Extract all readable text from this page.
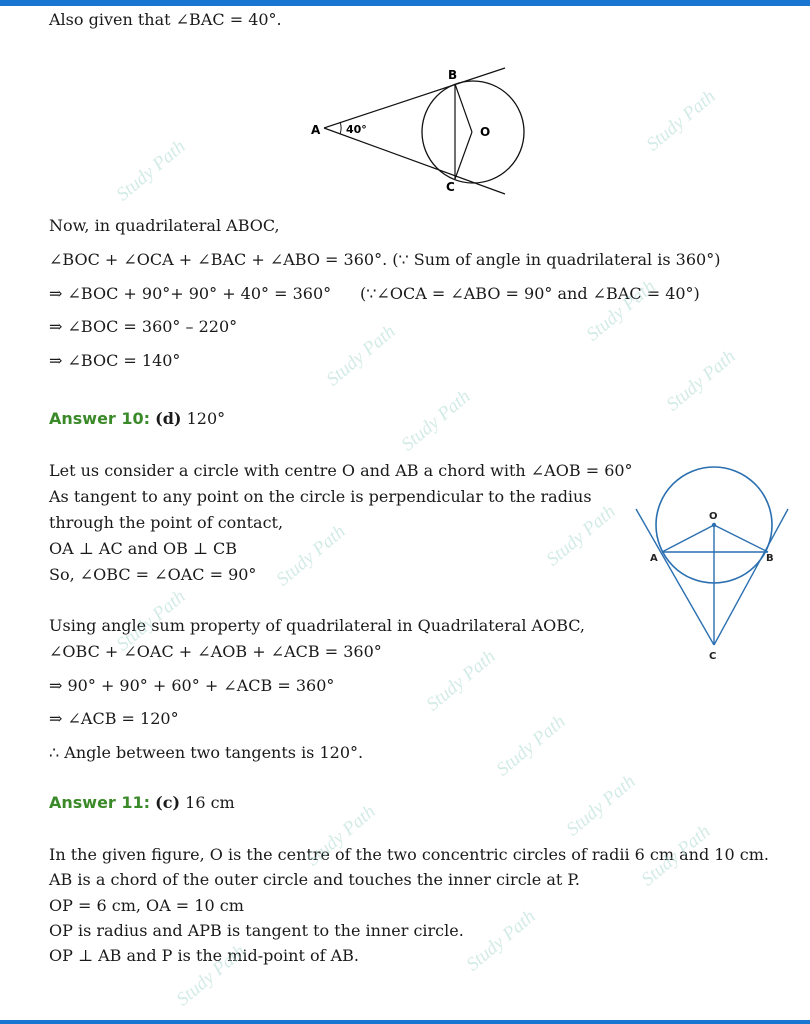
Also given that ∠BAC = 40°.
A 40°
B
C
O
Now, in quadrilateral ABOC,
∠BOC + ∠OCA + ∠BAC + ∠ABO = 360°. (∵ Sum of angle in quadrilateral is 360°)
⇒ ∠BOC + 90°+ 90° + 40° = 360° (∵∠OCA = ∠ABO = 90° and ∠BAC = 40°)
⇒ ∠BOC = 360° – 220°
⇒ ∠BOC = 140°
Answer 10: (d) 120°
Let us consider a circle with centre O and AB a chord with ∠AOB = 60°
As tangent to any point on the circle is perpendicular to the radius
through the point of contact,
OA ⊥ AC and OB ⊥ CB
So, ∠OBC = ∠OAC = 90°
O
A	B
C
Using angle sum property of quadrilateral in Quadrilateral AOBC,
∠OBC + ∠OAC + ∠AOB + ∠ACB = 360°
⇒ 90° + 90° + 60° + ∠ACB = 360°
⇒ ∠ACB = 120°
∴ Angle between two tangents is 120°.
Answer 11: (c) 16 cm
In the given figure, O is the centre of the two concentric circles of radii 6 cm and 10 cm.
AB is a chord of the outer circle and touches the inner circle at P.
OP = 6 cm, OA = 10 cm
OP is radius and APB is tangent to the inner circle.
OP ⊥ AB and P is the mid-point of AB.
Study Path
Study Path
Study Path
Study Path	Study Path
Study Path
Study Path	Study Path
Study Path
Study Path
Study Path
Study Path
Study Path	Study Path
Study Path
Study Path
